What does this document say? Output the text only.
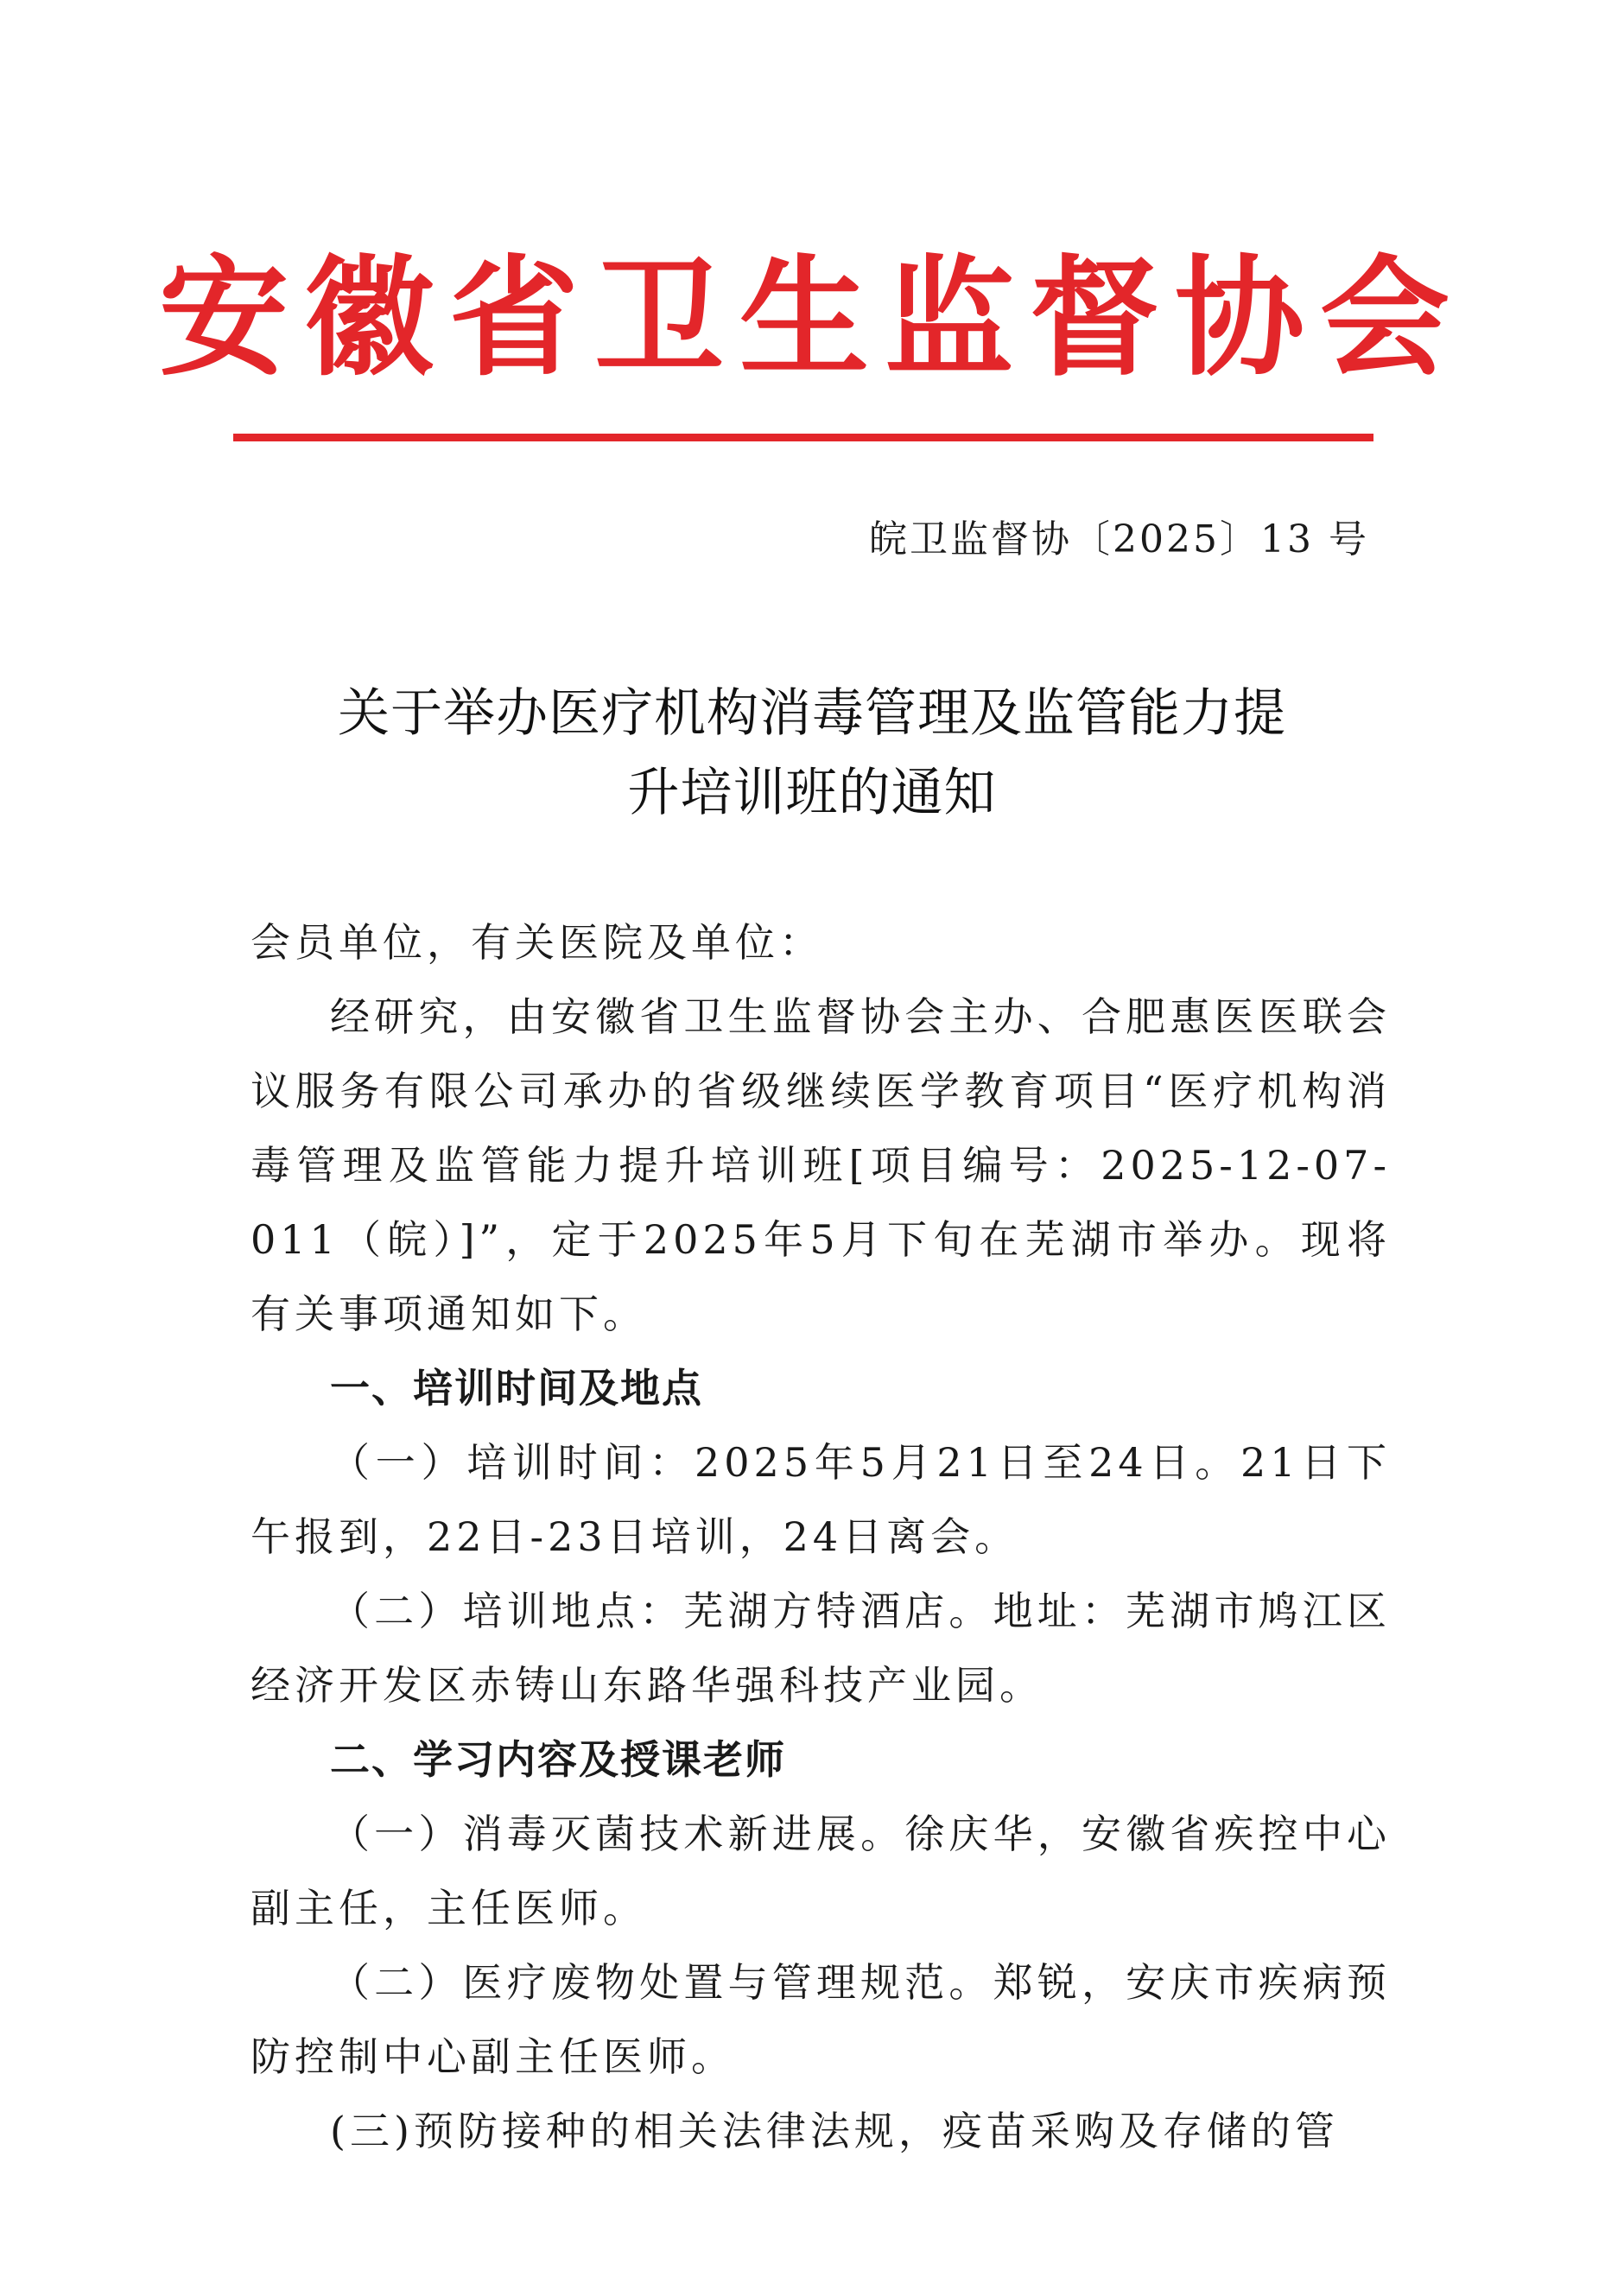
安徽省卫生监督协会
皖卫监督协〔2025〕13 号
关于举办医疗机构消毒管理及监管能力提
升培训班的通知

会员单位，有关医院及单位：

经研究，由安徽省卫生监督协会主办、合肥惠医医联会议服务有限公司承办的省级继续医学教育项目“医疗机构消毒管理及监管能力提升培训班[项目编号：2025-12-07-011（皖）]”，定于2025年5月下旬在芜湖市举办。现将有关事项通知如下。

一、培训时间及地点

（一）培训时间：2025年5月21日至24日。21日下午报到，22日-23日培训，24日离会。

（二）培训地点：芜湖方特酒店。地址：芜湖市鸠江区经济开发区赤铸山东路华强科技产业园。

二、学习内容及授课老师

（一）消毒灭菌技术新进展。徐庆华，安徽省疾控中心副主任，主任医师。

（二）医疗废物处置与管理规范。郑锐，安庆市疾病预防控制中心副主任医师。

(三)预防接种的相关法律法规，疫苗采购及存储的管
